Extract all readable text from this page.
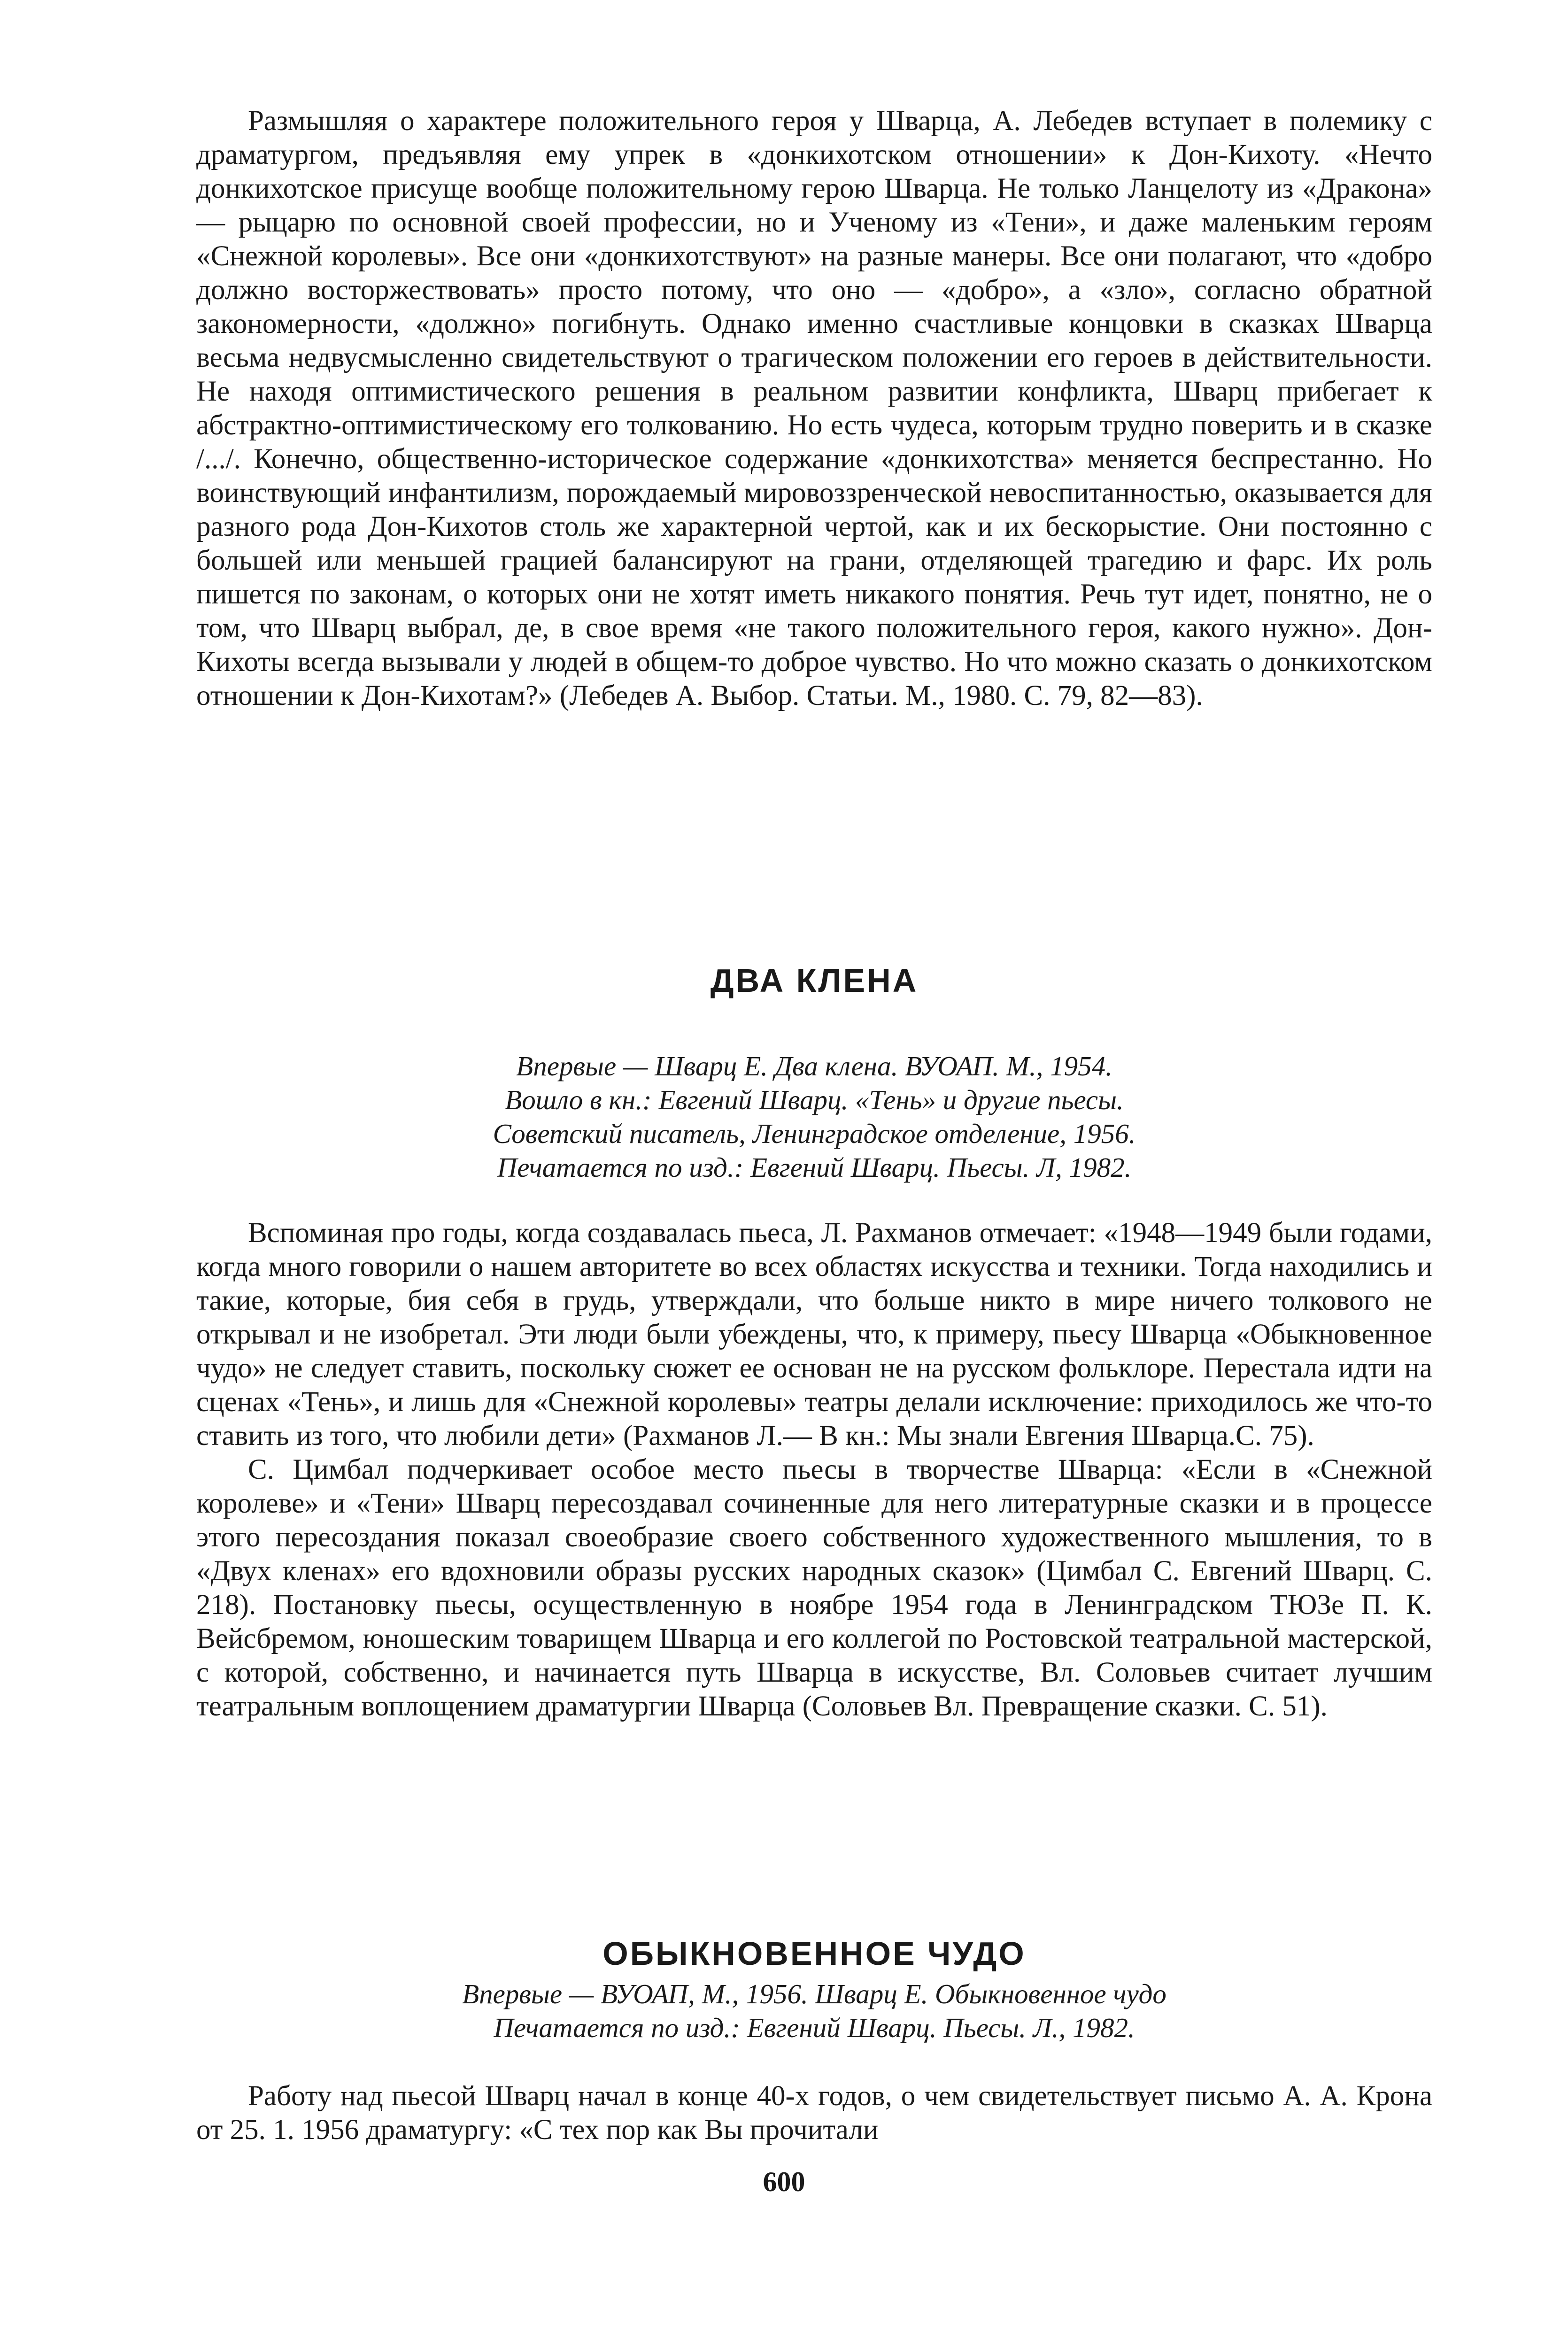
Размышляя о характере положительного героя у Шварца, А. Лебедев вступает в полемику с драматургом, предъявляя ему упрек в «донкихотском отношении» к Дон-Кихоту. «Нечто донкихотское присуще вообще положительному герою Шварца. Не только Ланцелоту из «Дракона» — рыцарю по основной своей профессии, но и Ученому из «Тени», и даже маленьким героям «Снежной королевы». Все они «донкихотствуют» на разные манеры. Все они полагают, что «добро должно восторжествовать» просто потому, что оно — «добро», а «зло», согласно обратной закономерности, «должно» погибнуть. Однако именно счастливые концовки в сказках Шварца весьма недвусмысленно свидетельствуют о трагическом положении его героев в действительности. Не находя оптимистического решения в реальном развитии конфликта, Шварц прибегает к абстрактно-оптимистическому его толкованию. Но есть чудеса, которым трудно поверить и в сказке /.../. Конечно, общественно-историческое содержание «донкихотства» меняется беспрестанно. Но воинствующий инфантилизм, порождаемый мировоззренческой невоспитанностью, оказывается для разного рода Дон-Кихотов столь же характерной чертой, как и их бескорыстие. Они постоянно с большей или меньшей грацией балансируют на грани, отделяющей трагедию и фарс. Их роль пишется по законам, о которых они не хотят иметь никакого понятия. Речь тут идет, понятно, не о том, что Шварц выбрал, де, в свое время «не такого положительного героя, какого нужно». Дон-Кихоты всегда вызывали у людей в общем-то доброе чувство. Но что можно сказать о донкихотском отношении к Дон-Кихотам?» (Лебедев А. Выбор. Статьи. М., 1980. С. 79, 82—83).

ДВА КЛЕНА
Впервые — Шварц Е. Два клена. ВУОАП. М., 1954.
Вошло в кн.: Евгений Шварц. «Тень» и другие пьесы.
Советский писатель, Ленинградское отделение, 1956.
Печатается по изд.: Евгений Шварц. Пьесы. Л, 1982.

Вспоминая про годы, когда создавалась пьеса, Л. Рахманов отмечает: «1948—1949 были годами, когда много говорили о нашем авторитете во всех областях искусства и техники. Тогда находились и такие, которые, бия себя в грудь, утверждали, что больше никто в мире ничего толкового не открывал и не изобретал. Эти люди были убеждены, что, к примеру, пьесу Шварца «Обыкновенное чудо» не следует ставить, поскольку сюжет ее основан не на русском фольклоре. Перестала идти на сценах «Тень», и лишь для «Снежной королевы» театры делали исключение: приходилось же что-то ставить из того, что любили дети» (Рахманов Л.— В кн.: Мы знали Евгения Шварца.С. 75).

С. Цимбал подчеркивает особое место пьесы в творчестве Шварца: «Если в «Снежной королеве» и «Тени» Шварц пересоздавал сочиненные для него литературные сказки и в процессе этого пересоздания показал своеобразие своего собственного художественного мышления, то в «Двух кленах» его вдохновили образы русских народных сказок» (Цимбал С. Евгений Шварц. С. 218). Постановку пьесы, осуществленную в ноябре 1954 года в Ленинградском ТЮЗе П. К. Вейсбремом, юношеским товарищем Шварца и его коллегой по Ростовской театральной мастерской, с которой, собственно, и начинается путь Шварца в искусстве, Вл. Соловьев считает лучшим театральным воплощением драматургии Шварца (Соловьев Вл. Превращение сказки. С. 51).

ОБЫКНОВЕННОЕ ЧУДО
Впервые — ВУОАП, М., 1956. Шварц Е. Обыкновенное чудо
Печатается по изд.: Евгений Шварц. Пьесы. Л., 1982.

Работу над пьесой Шварц начал в конце 40-х годов, о чем свидетельствует письмо А. А. Крона от 25. 1. 1956 драматургу: «С тех пор как Вы прочитали

600
